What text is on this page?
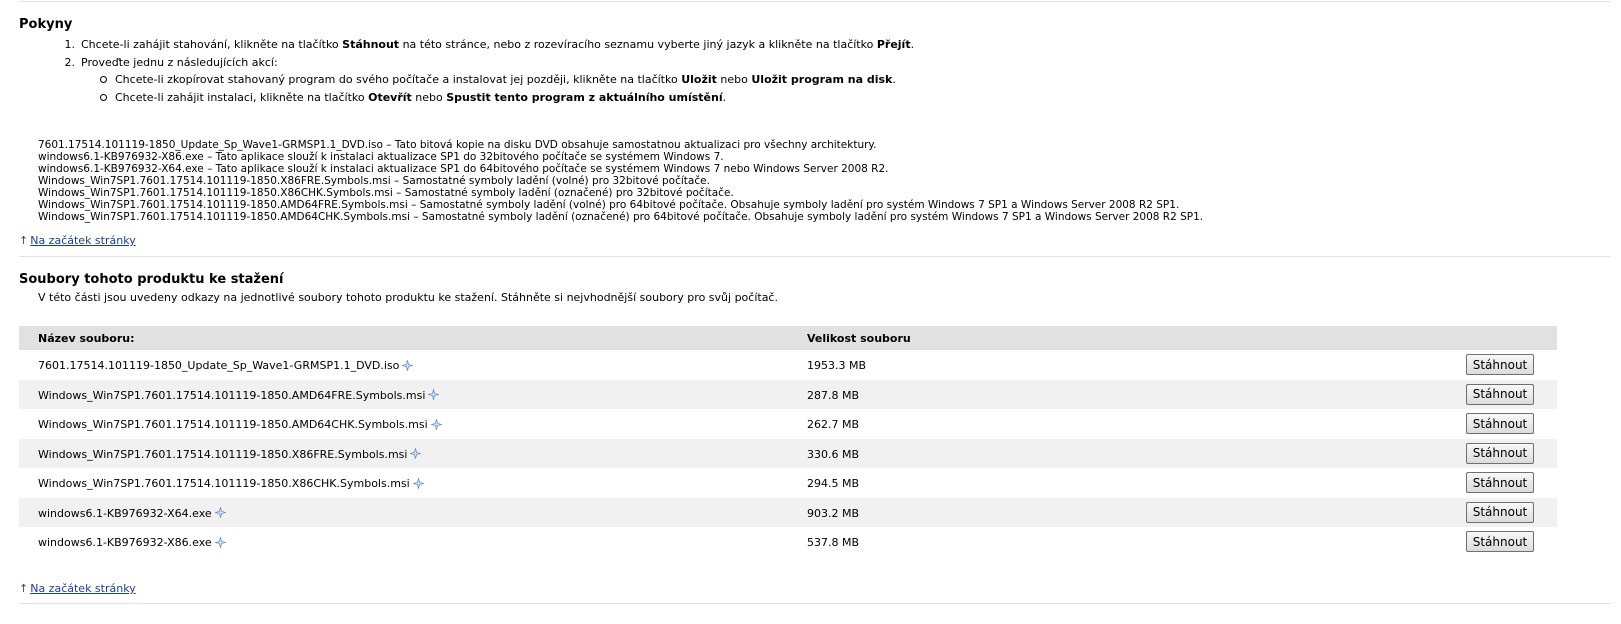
Pokyny
1. Chcete-li zahájit stahování, klikněte na tlačítko Stáhnout na této stránce, nebo z rozevíracího seznamu vyberte jiný jazyk a klikněte na tlačítko Přejít.
2. Proveďte jednu z následujících akcí:
Chcete-li zkopírovat stahovaný program do svého počítače a instalovat jej později, klikněte na tlačítko Uložit nebo Uložit program na disk.
Chcete-li zahájit instalaci, klikněte na tlačítko Otevřít nebo Spustit tento program z aktuálního umístění.
7601.17514.101119-1850_Update_Sp_Wave1-GRMSP1.1_DVD.iso – Tato bitová kopie na disku DVD obsahuje samostatnou aktualizaci pro všechny architektury.
windows6.1-KB976932-X86.exe – Tato aplikace slouží k instalaci aktualizace SP1 do 32bitového počítače se systémem Windows 7.
windows6.1-KB976932-X64.exe – Tato aplikace slouží k instalaci aktualizace SP1 do 64bitového počítače se systémem Windows 7 nebo Windows Server 2008 R2.
Windows_Win7SP1.7601.17514.101119-1850.X86FRE.Symbols.msi – Samostatné symboly ladění (volné) pro 32bitové počítače.
Windows_Win7SP1.7601.17514.101119-1850.X86CHK.Symbols.msi – Samostatné symboly ladění (označené) pro 32bitové počítače.
Windows_Win7SP1.7601.17514.101119-1850.AMD64FRE.Symbols.msi – Samostatné symboly ladění (volné) pro 64bitové počítače. Obsahuje symboly ladění pro systém Windows 7 SP1 a Windows Server 2008 R2 SP1.
Windows_Win7SP1.7601.17514.101119-1850.AMD64CHK.Symbols.msi – Samostatné symboly ladění (označené) pro 64bitové počítače. Obsahuje symboly ladění pro systém Windows 7 SP1 a Windows Server 2008 R2 SP1.
↑ Na začátek stránky
Soubory tohoto produktu ke stažení
V této části jsou uvedeny odkazy na jednotlivé soubory tohoto produktu ke stažení. Stáhněte si nejvhodnější soubory pro svůj počítač.
Název souboru:	Velikost souboru
7601.17514.101119-1850_Update_Sp_Wave1-GRMSP1.1_DVD.iso	1953.3 MB	Stáhnout
Windows_Win7SP1.7601.17514.101119-1850.AMD64FRE.Symbols.msi	287.8 MB	Stáhnout
Windows_Win7SP1.7601.17514.101119-1850.AMD64CHK.Symbols.msi	262.7 MB	Stáhnout
Windows_Win7SP1.7601.17514.101119-1850.X86FRE.Symbols.msi	330.6 MB	Stáhnout
Windows_Win7SP1.7601.17514.101119-1850.X86CHK.Symbols.msi	294.5 MB	Stáhnout
windows6.1-KB976932-X64.exe	903.2 MB	Stáhnout
windows6.1-KB976932-X86.exe	537.8 MB	Stáhnout
↑ Na začátek stránky
